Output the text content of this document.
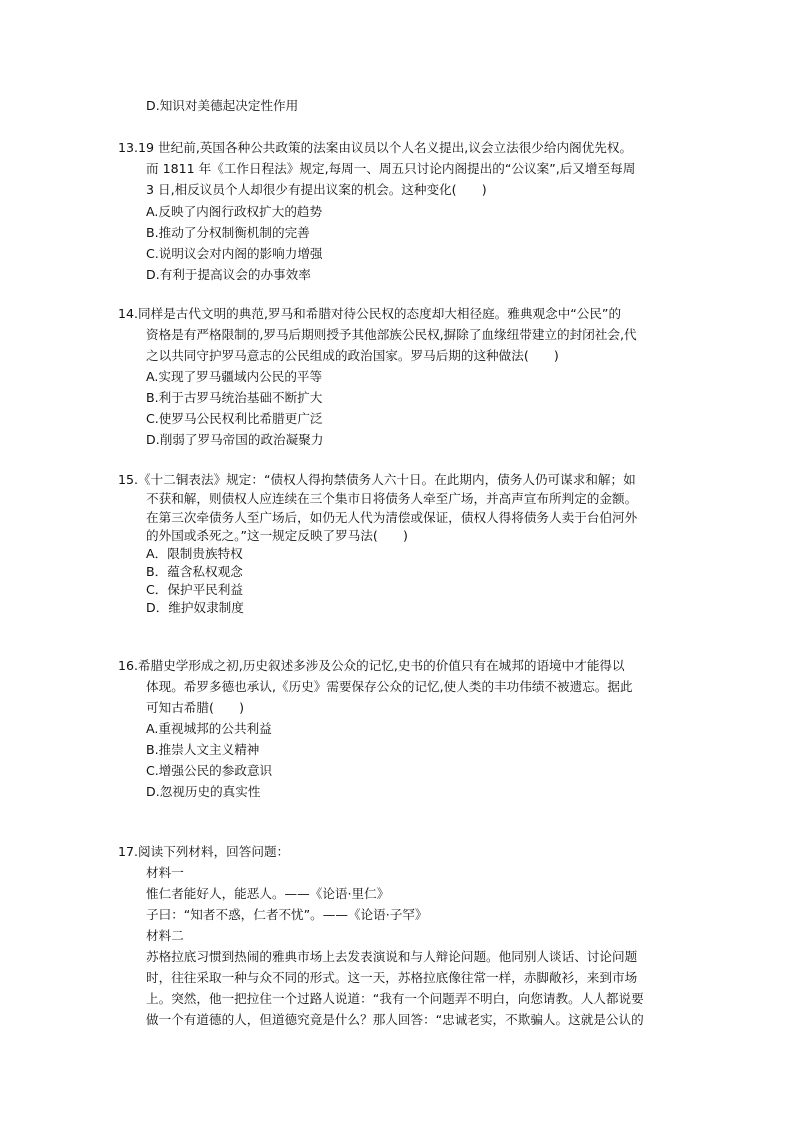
D.知识对美德起决定性作用

13.19 世纪前,英国各种公共政策的法案由议员以个人名义提出,议会立法很少给内阁优先权。

而 1811 年《工作日程法》规定,每周一、周五只讨论内阁提出的“公议案”,后又增至每周

3 日,相反议员个人却很少有提出议案的机会。这种变化(　　)

A.反映了内阁行政权扩大的趋势

B.推动了分权制衡机制的完善

C.说明议会对内阁的影响力增强

D.有利于提高议会的办事效率

14.同样是古代文明的典范,罗马和希腊对待公民权的态度却大相径庭。雅典观念中“公民”的

资格是有严格限制的,罗马后期则授予其他部族公民权,摒除了血缘纽带建立的封闭社会,代

之以共同守护罗马意志的公民组成的政治国家。罗马后期的这种做法(　　)

A.实现了罗马疆域内公民的平等

B.利于古罗马统治基础不断扩大

C.使罗马公民权利比希腊更广泛

D.削弱了罗马帝国的政治凝聚力

15.《十二铜表法》规定：“债权人得拘禁债务人六十日。在此期内，债务人仍可谋求和解；如

不获和解，则债权人应连续在三个集市日将债务人牵至广场，并高声宣布所判定的金额。

在第三次牵债务人至广场后，如仍无人代为清偿或保证，债权人得将债务人卖于台伯河外

的外国或杀死之。”这一规定反映了罗马法(　　)

A．限制贵族特权

B．蕴含私权观念

C．保护平民利益

D．维护奴隶制度

16.希腊史学形成之初,历史叙述多涉及公众的记忆,史书的价值只有在城邦的语境中才能得以

体现。希罗多德也承认,《历史》需要保存公众的记忆,使人类的丰功伟绩不被遗忘。据此

可知古希腊(　　)

A.重视城邦的公共利益

B.推崇人文主义精神

C.增强公民的参政意识

D.忽视历史的真实性

17.阅读下列材料，回答问题：

材料一

惟仁者能好人，能恶人。——《论语·里仁》

子曰：“知者不惑，仁者不忧”。——《论语·子罕》

材料二

苏格拉底习惯到热闹的雅典市场上去发表演说和与人辩论问题。他同别人谈话、讨论问题

时，往往采取一种与众不同的形式。这一天，苏格拉底像往常一样，赤脚敞衫，来到市场

上。突然，他一把拉住一个过路人说道：“我有一个问题弄不明白，向您请教。人人都说要

做一个有道德的人，但道德究竟是什么？那人回答：“忠诚老实，不欺骗人。这就是公认的
